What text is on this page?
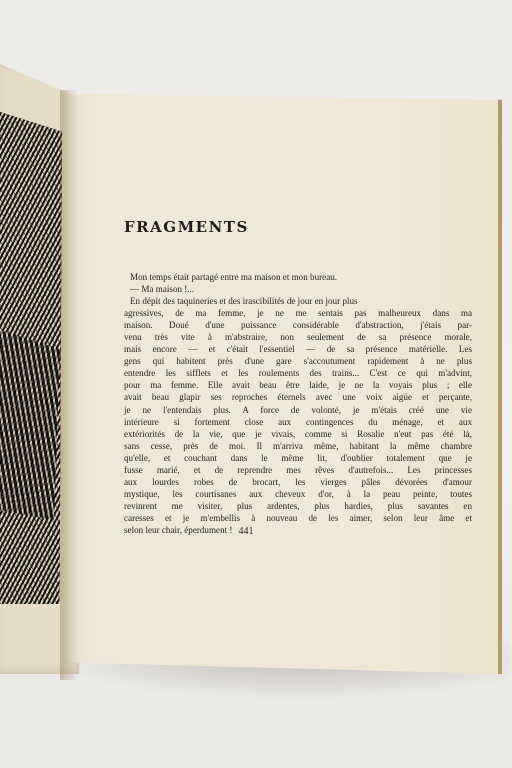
FRAGMENTS

Mon temps était partagé entre ma maison et mon bureau.

— Ma maison !...

En dépit des taquineries et des irascibilités de jour en jour plus

agressives, de ma femme, je ne me sentais pas malheureux dans ma

maison. Doué d'une puissance considérable d'abstraction, j'étais par-

venu très vite à m'abstraire, non seulement de sa présence morale,

mais encore — et c'était l'essentiel — de sa présence matérielle. Les

gens qui habitent près d'une gare s'accoutument rapidement à ne plus

entendre les sifflets et les roulements des trains... C'est ce qui m'advint,

pour ma femme. Elle avait beau être laide, je ne la voyais plus ; elle

avait beau glapir ses reproches éternels avec une voix aigüe et perçante,

je ne l'entendais plus. A force de volonté, je m'étais créé une vie

intérieure si fortement close aux contingences du ménage, et aux

extériorités de la vie, que je vivais, comme si Rosalie n'eut pas été là,

sans cesse, près de moi. Il m'arriva même, habitant la même chambre

qu'elle, et couchant dans le même lit, d'oublier totalement que je

fusse marié, et de reprendre mes rêves d'autrefois... Les princesses

aux lourdes robes de brocart, les vierges pâles dévorées d'amour

mystique, les courtisanes aux cheveux d'or, à la peau peinte, toutes

revinrent me visiter, plus ardentes, plus hardies, plus savantes en

caresses et je m'embellis à nouveau de les aimer, selon leur âme et

selon leur chair, éperdument ! 441
